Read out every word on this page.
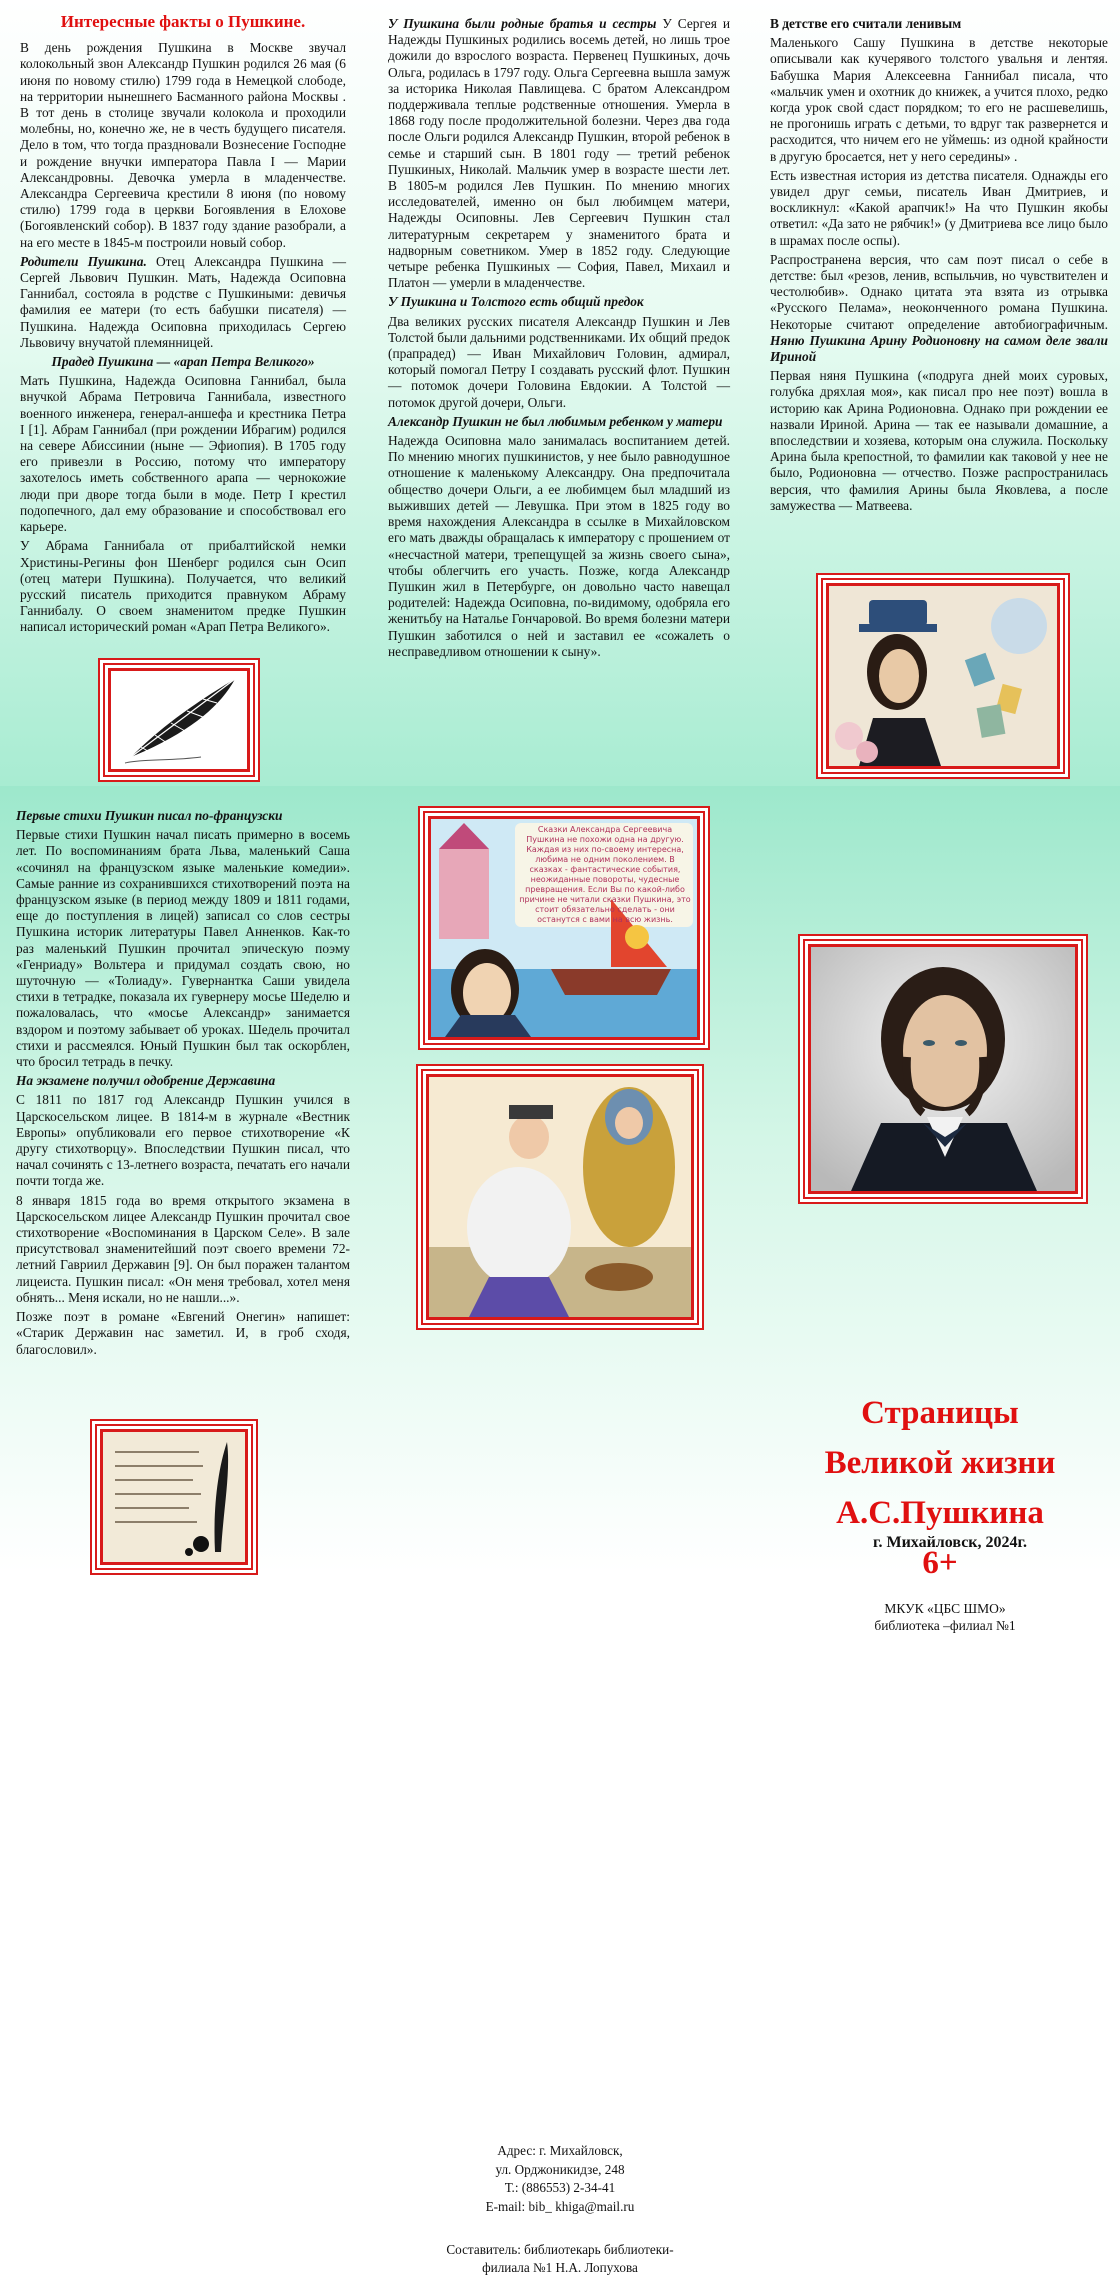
Интересные факты о Пушкине.

В день рождения Пушкина в Москве звучал колокольный звон Александр Пушкин родился 26 мая (6 июня по новому стилю) 1799 года в Немецкой слободе, на территории нынешнего Басманного района Москвы . В тот день в столице звучали колокола и проходили молебны, но, конечно же, не в честь будущего писателя. Дело в том, что тогда праздновали Вознесение Господне и рождение внучки императора Павла I — Марии Александровны. Девочка умерла в младенчестве. Александра Сергеевича крестили 8 июня (по новому стилю) 1799 года в церкви Богоявления в Елохове (Богоявленский собор). В 1837 году здание разобрали, а на его месте в 1845-м построили новый собор.

Родители Пушкина. Отец Александра Пушкина — Сергей Львович Пушкин. Мать, Надежда Осиповна Ганнибал, состояла в родстве с Пушкиными: девичья фамилия ее матери (то есть бабушки писателя) — Пушкина. Надежда Осиповна приходилась Сергею Львовичу внучатой племянницей.

Прадед Пушкина — «арап Петра Великого»

Мать Пушкина, Надежда Осиповна Ганнибал, была внучкой Абрама Петровича Ганнибала, известного военного инженера, генерал-аншефа и крестника Петра I [1]. Абрам Ганнибал (при рождении Ибрагим) родился на севере Абиссинии (ныне — Эфиопия). В 1705 году его привезли в Россию, потому что императору захотелось иметь собственного арапа — чернокожие люди при дворе тогда были в моде. Петр I крестил подопечного, дал ему образование и способствовал его карьере.

У Абрама Ганнибала от прибалтийской немки Христины-Регины фон Шенберг родился сын Осип (отец матери Пушкина). Получается, что великий русский писатель приходится правнуком Абраму Ганнибалу. О своем знаменитом предке Пушкин написал исторический роман «Арап Петра Великого».

У Пушкина были родные братья и сестры У Сергея и Надежды Пушкиных родились восемь детей, но лишь трое дожили до взрослого возраста. Первенец Пушкиных, дочь Ольга, родилась в 1797 году. Ольга Сергеевна вышла замуж за историка Николая Павлищева. С братом Александром поддерживала теплые родственные отношения. Умерла в 1868 году после продолжительной болезни. Через два года после Ольги родился Александр Пушкин, второй ребенок в семье и старший сын. В 1801 году — третий ребенок Пушкиных, Николай. Мальчик умер в возрасте шести лет. В 1805-м родился Лев Пушкин. По мнению многих исследователей, именно он был любимцем матери, Надежды Осиповны. Лев Сергеевич Пушкин стал литературным секретарем у знаменитого брата и надворным советником. Умер в 1852 году. Следующие четыре ребенка Пушкиных — София, Павел, Михаил и Платон — умерли в младенчестве.

У Пушкина и Толстого есть общий предок

Два великих русских писателя Александр Пушкин и Лев Толстой были дальними родственниками. Их общий предок (прапрадед) — Иван Михайлович Головин, адмирал, который помогал Петру I создавать русский флот. Пушкин — потомок дочери Головина Евдокии. А Толстой — потомок другой дочери, Ольги.

Александр Пушкин не был любимым ребенком у матери

Надежда Осиповна мало занималась воспитанием детей. По мнению многих пушкинистов, у нее было равнодушное отношение к маленькому Александру. Она предпочитала общество дочери Ольги, а ее любимцем был младший из выживших детей — Левушка. При этом в 1825 году во время нахождения Александра в ссылке в Михайловском его мать дважды обращалась к императору с прошением от «несчастной матери, трепещущей за жизнь своего сына», чтобы облегчить его участь. Позже, когда Александр Пушкин жил в Петербурге, он довольно часто навещал родителей: Надежда Осиповна, по-видимому, одобряла его женитьбу на Наталье Гончаровой. Во время болезни матери Пушкин заботился о ней и заставил ее «сожалеть о несправедливом отношении к сыну».

В детстве его считали ленивым

Маленького Сашу Пушкина в детстве некоторые описывали как кучерявого толстого увальня и лентяя. Бабушка Мария Алексеевна Ганнибал писала, что «мальчик умен и охотник до книжек, а учится плохо, редко когда урок свой сдаст порядком; то его не расшевелишь, не прогонишь играть с детьми, то вдруг так развернется и расходится, что ничем его не уймешь: из одной крайности в другую бросается, нет у него середины» .

Есть известная история из детства писателя. Однажды его увидел друг семьи, писатель Иван Дмитриев, и воскликнул: «Какой арапчик!» На что Пушкин якобы ответил: «Да зато не рябчик!» (у Дмитриева все лицо было в шрамах после оспы).

Распространена версия, что сам поэт писал о себе в детстве: был «резов, ленив, вспыльчив, но чувствителен и честолюбив». Однако цитата эта взята из отрывка «Русского Пелама», неоконченного романа Пушкина. Некоторые считают определение автобиографичным. Няню Пушкина Арину Родионовну на самом деле звали Ириной

Первая няня Пушкина («подруга дней моих суровых, голубка дряхлая моя», как писал про нее поэт) вошла в историю как Арина Родионовна. Однако при рождении ее назвали Ириной. Арина — так ее называли домашние, а впоследствии и хозяева, которым она служила. Поскольку Арина была крепостной, то фамилии как таковой у нее не было, Родионовна — отчество. Позже распространилась версия, что фамилия Арины была Яковлева, а после замужества — Матвеева.

Первые стихи Пушкин писал по-французски

Первые стихи Пушкин начал писать примерно в восемь лет. По воспоминаниям брата Льва, маленький Саша «сочинял на французском языке маленькие комедии». Самые ранние из сохранившихся стихотворений поэта на французском языке (в период между 1809 и 1811 годами, еще до поступления в лицей) записал со слов сестры Пушкина историк литературы Павел Анненков. Как-то раз маленький Пушкин прочитал эпическую поэму «Генриаду» Вольтера и придумал создать свою, но шуточную — «Толиаду». Гувернантка Саши увидела стихи в тетрадке, показала их гувернеру мосье Шеделю и пожаловалась, что «мосье Александр» занимается вздором и поэтому забывает об уроках. Шедель прочитал стихи и рассмеялся. Юный Пушкин был так оскорблен, что бросил тетрадь в печку.

На экзамене получил одобрение Державина

С 1811 по 1817 год Александр Пушкин учился в Царскосельском лицее. В 1814-м в журнале «Вестник Европы» опубликовали его первое стихотворение «К другу стихотворцу». Впоследствии Пушкин писал, что начал сочинять с 13-летнего возраста, печатать его начали почти тогда же.

8 января 1815 года во время открытого экзамена в Царскосельском лицее Александр Пушкин прочитал свое стихотворение «Воспоминания в Царском Селе». В зале присутствовал знаменитейший поэт своего времени 72-летний Гавриил Державин [9]. Он был поражен талантом лицеиста. Пушкин писал: «Он меня требовал, хотел меня обнять... Меня искали, но не нашли...».

Позже поэт в романе «Евгений Онегин» напишет: «Старик Державин нас заметил. И, в гроб сходя, благословил».

Сказки Александра Сергеевича Пушкина не похожи одна на другую. Каждая из них по-своему интересна, любима не одним поколением. В сказках - фантастические события, неожиданные повороты, чудесные превращения. Если Вы по какой-либо причине не читали сказки Пушкина, это стоит обязательно сделать - они останутся с вами на всю жизнь.
Адрес: г. Михайловск,
ул. Орджоникидзе, 248
Т.: (886553) 2-34-41
E-mail: bib_ khiga@mail.ru
Составитель: библиотекарь библиотеки-
филиала №1 Н.А. Лопухова
МКУК «ЦБС ШМО»
библиотека –филиал №1
Страницы
Великой жизни
А.С.Пушкина
6+
г. Михайловск, 2024г.
